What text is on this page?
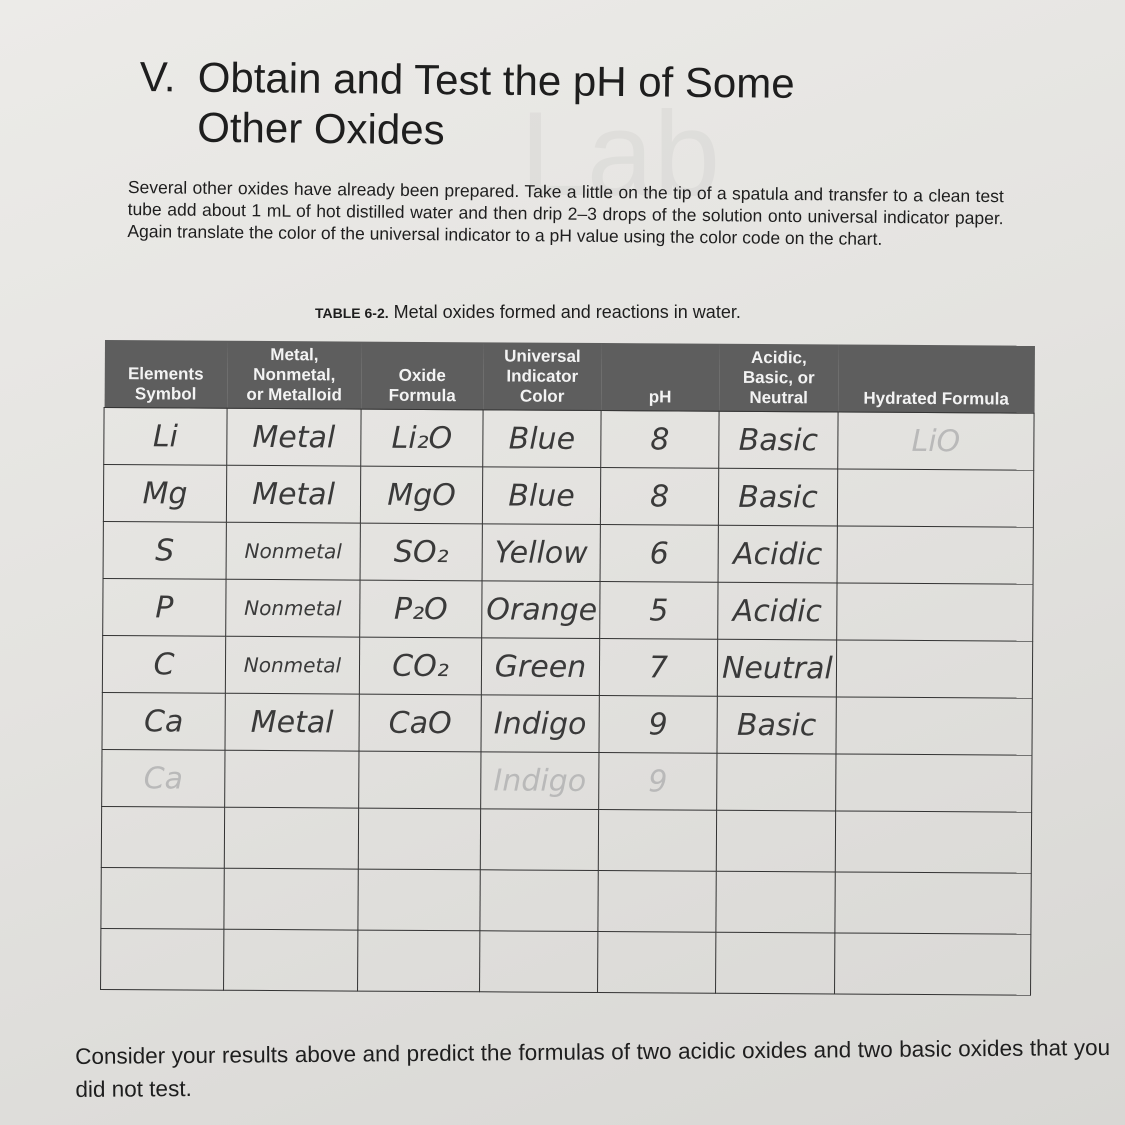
V. Obtain and Test the pH of Some
Other Oxides

Several other oxides have already been prepared. Take a little on the tip of a spatula and transfer to a clean test tube add about 1 mL of hot distilled water and then drip 2–3 drops of the solution onto universal indicator paper. Again translate the color of the universal indicator to a pH value using the color code on the chart.

TABLE 6-2. Metal oxides formed and reactions in water.

Elements
Symbol	Metal,
Nonmetal,
or Metalloid	Oxide
Formula	Universal
Indicator
Color	pH	Acidic,
Basic, or
Neutral	Hydrated Formula

Li	Metal	Li₂O	Blue	8	Basic	LiO
Mg	Metal	MgO	Blue	8	Basic	
S	Nonmetal	SO₂	Yellow	6	Acidic	
P	Nonmetal	P₂O	Orange	5	Acidic	
C	Nonmetal	CO₂	Green	7	Neutral	
Ca	Metal	CaO	Indigo	9	Basic	
Ca			Indigo	9		

Consider your results above and predict the formulas of two acidic oxides and two basic oxides that you did not test.
